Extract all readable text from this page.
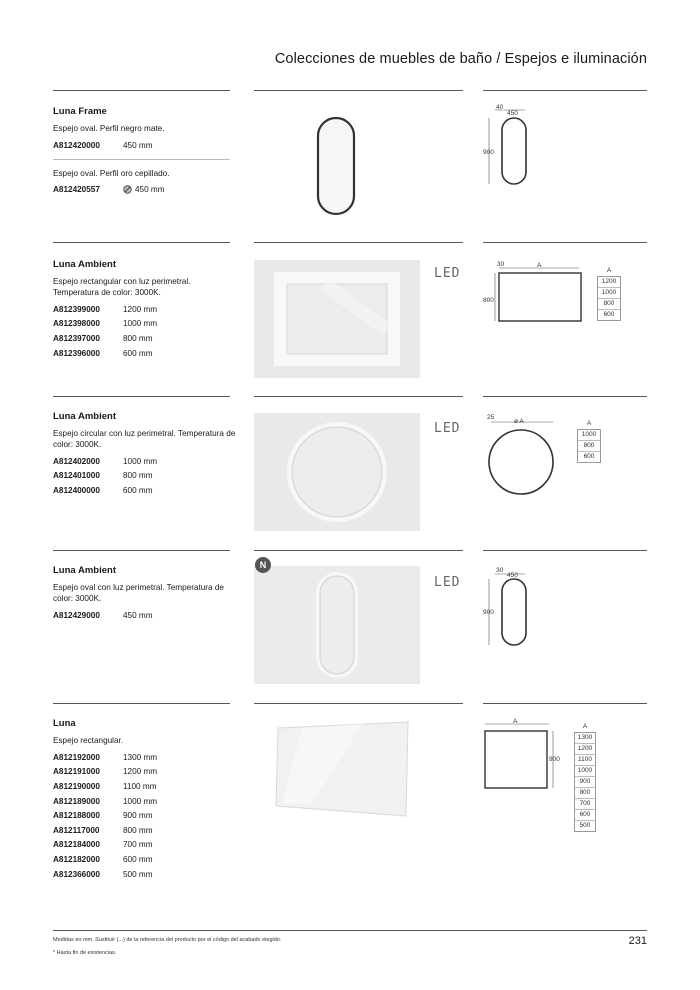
Colecciones de muebles de baño / Espejos e iluminación
Luna Frame
Espejo oval. Perfil negro mate.
A812420000	450 mm
Espejo oval. Perfil oro cepillado.
A812420557	450 mm
40
450
900
Luna Ambient
Espejo rectangular con luz perimetral. Temperatura de color: 3000K.
A812399000	1200 mm
A812398000	1000 mm
A812397000	800 mm
A812396000	600 mm
LED
30	A
800
A
1200
1000
800
600
Luna Ambient
Espejo circular con luz perimetral. Temperatura de color: 3000K.
A812402000	1000 mm
A812401000	800 mm
A812400000	600 mm
LED
25
ø A	A
1000
800
600
Luna Ambient
Espejo oval con luz perimetral. Temperatura de color: 3000K.
A812429000	450 mm
N
LED
30
450
900
Luna
Espejo rectangular.
A812192000	1300 mm
A812191000	1200 mm
A812190000	1100 mm
A812189000	1000 mm
A812188000	900 mm
A812117000	800 mm
A812184000	700 mm
A812182000	600 mm
A812366000	500 mm
A
900
A
1300
1200
1100
1000
900
800
700
600
500
Medidas en mm. Sustituir (...) de la referencia del producto por el código del acabado elegido.
* Hasta fin de existencias.
231
